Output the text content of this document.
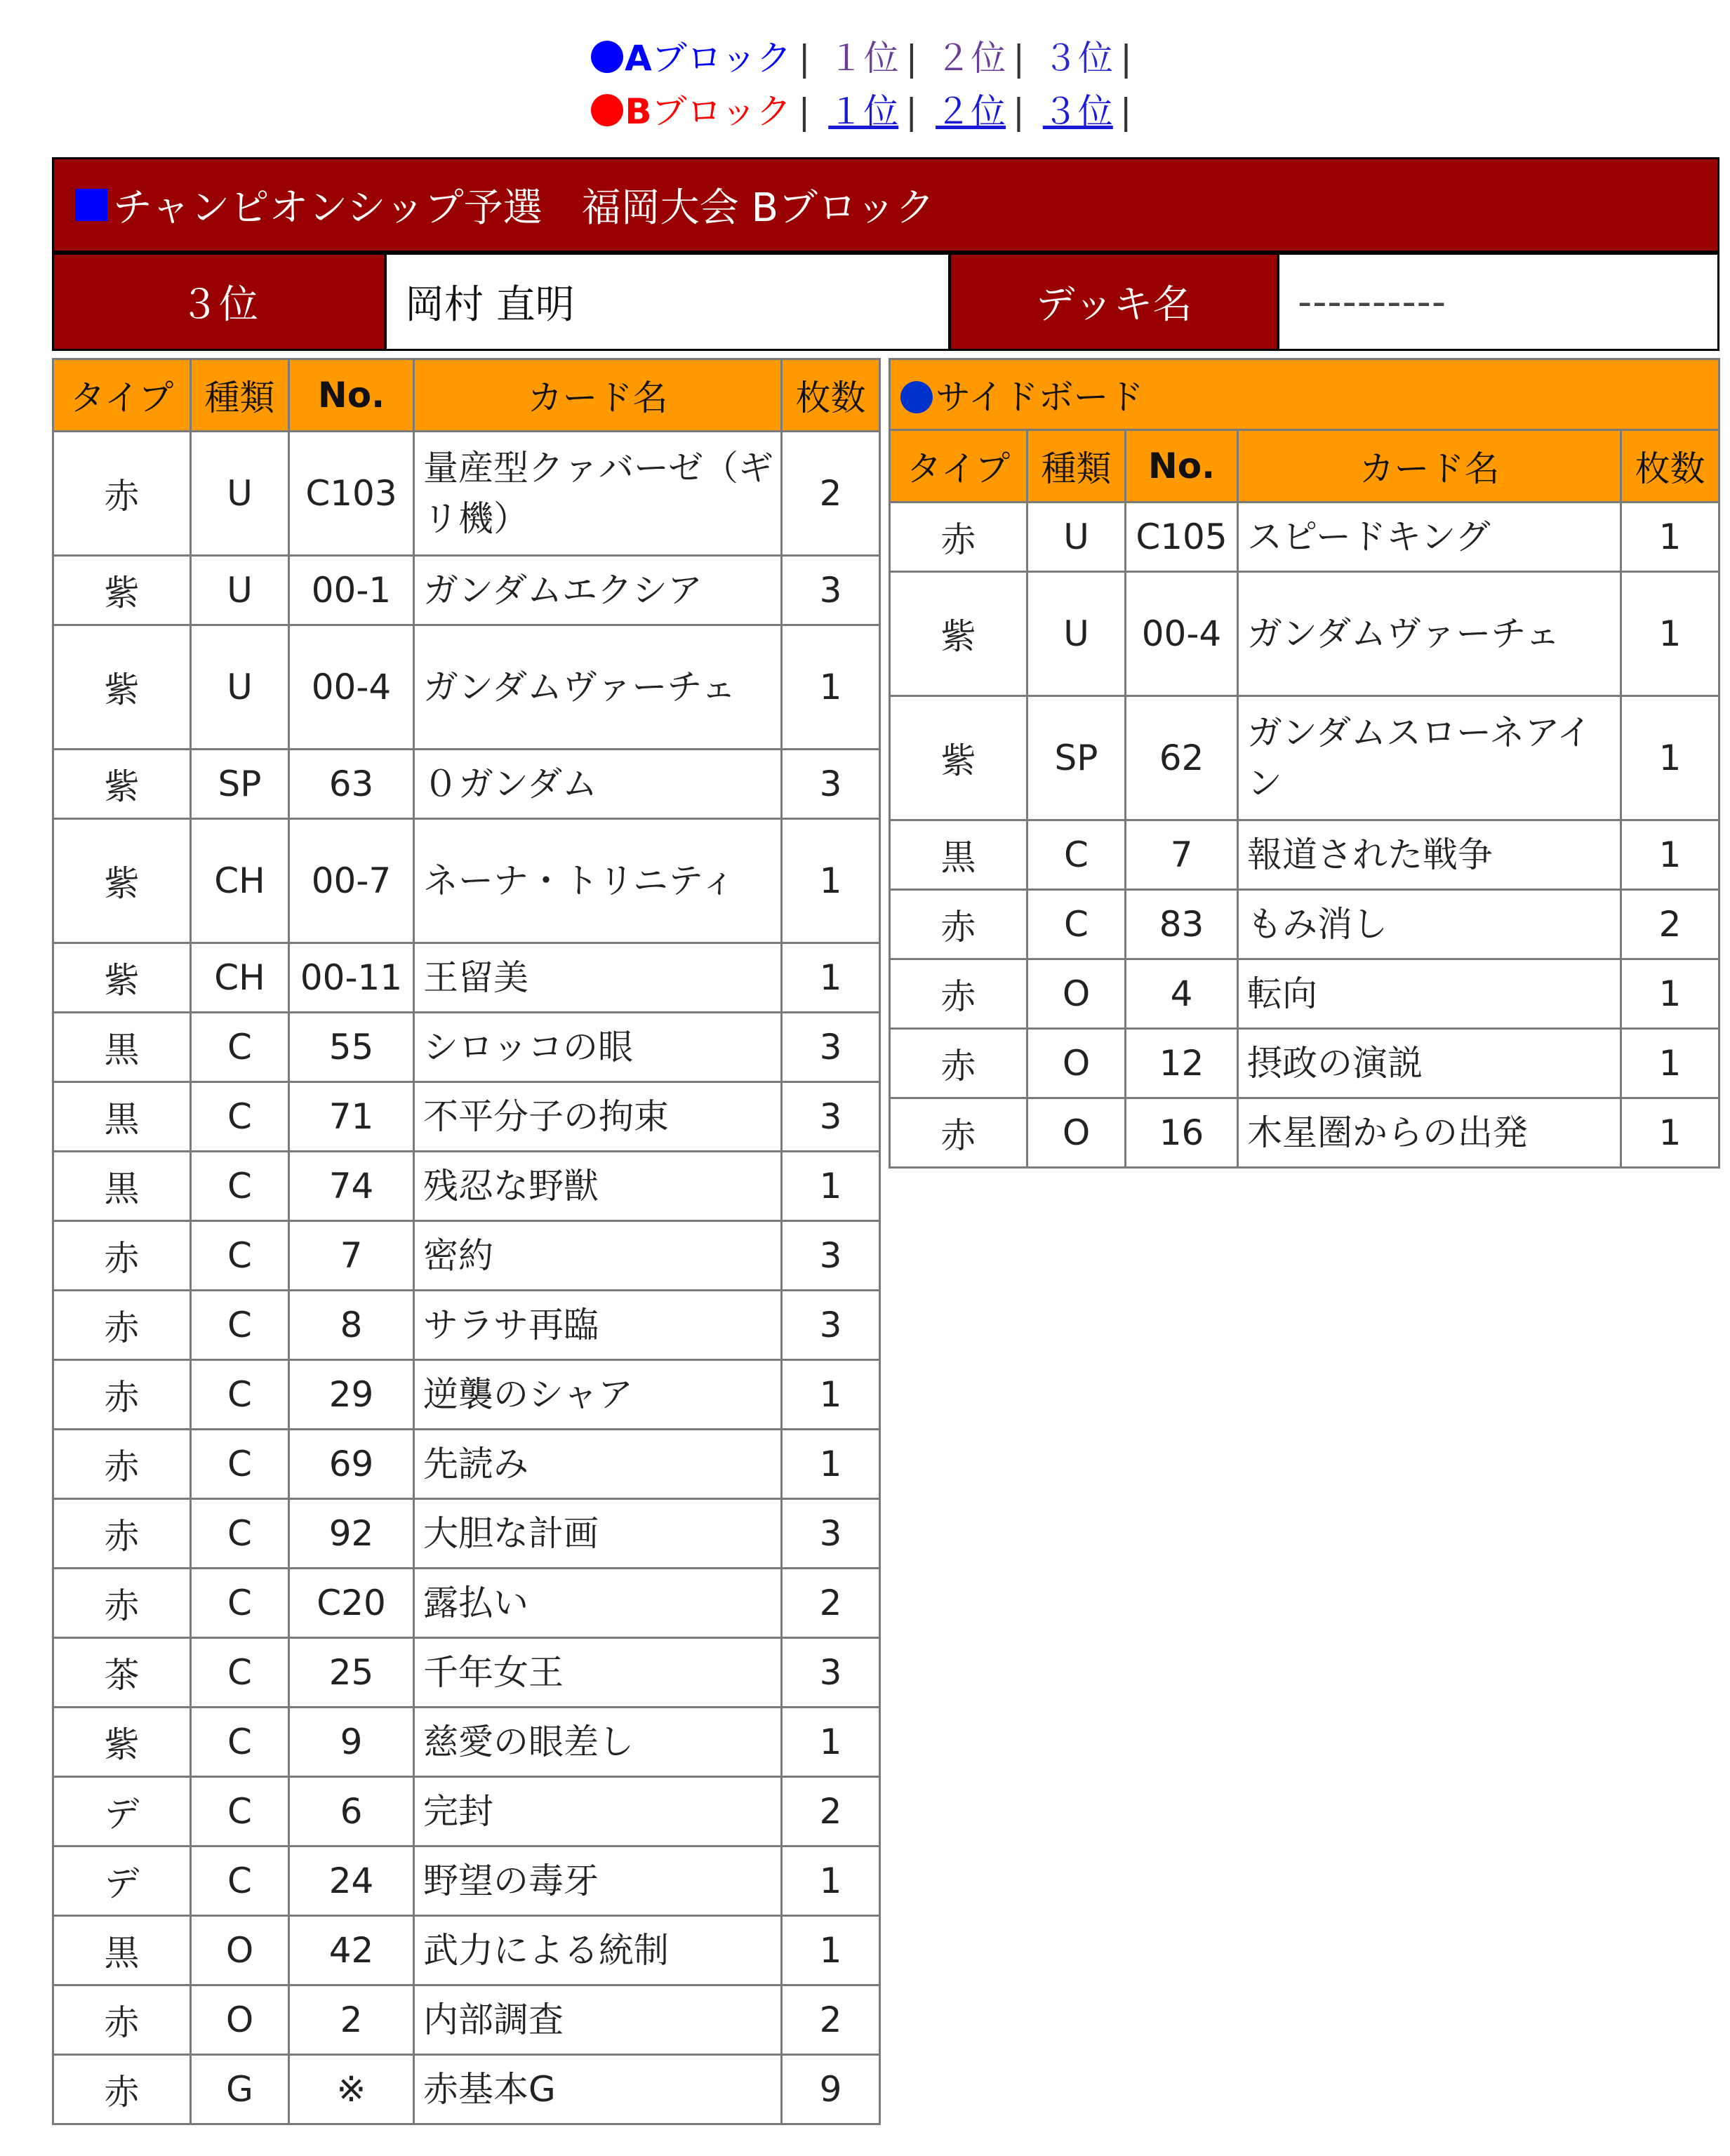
Aブロック | １位 | ２位 | ３位 |
Bブロック | １位 | ２位 | ３位 |
チャンピオンシップ予選　福岡大会 Bブロック
３位	岡村 直明	デッキ名	----------
タイプ	種類	No.	カード名	枚数
赤	U	C103	量産型クァバーゼ（ギリ機）	2
紫	U	00-1	ガンダムエクシア	3
紫	U	00-4	ガンダムヴァーチェ	1
紫	SP	63	０ガンダム	3
紫	CH	00-7	ネーナ・トリニティ	1
紫	CH	00-11	王留美	1
黒	C	55	シロッコの眼	3
黒	C	71	不平分子の拘束	3
黒	C	74	残忍な野獣	1
赤	C	7	密約	3
赤	C	8	サラサ再臨	3
赤	C	29	逆襲のシャア	1
赤	C	69	先読み	1
赤	C	92	大胆な計画	3
赤	C	C20	露払い	2
茶	C	25	千年女王	3
紫	C	9	慈愛の眼差し	1
デ	C	6	完封	2
デ	C	24	野望の毒牙	1
黒	O	42	武力による統制	1
赤	O	2	内部調査	2
赤	G	※	赤基本G	9
サイドボード				
タイプ	種類	No.	カード名	枚数
赤	U	C105	スピードキング	1
紫	U	00-4	ガンダムヴァーチェ	1
紫	SP	62	ガンダムスローネアイン	1
黒	C	7	報道された戦争	1
赤	C	83	もみ消し	2
赤	O	4	転向	1
赤	O	12	摂政の演説	1
赤	O	16	木星圏からの出発	1
